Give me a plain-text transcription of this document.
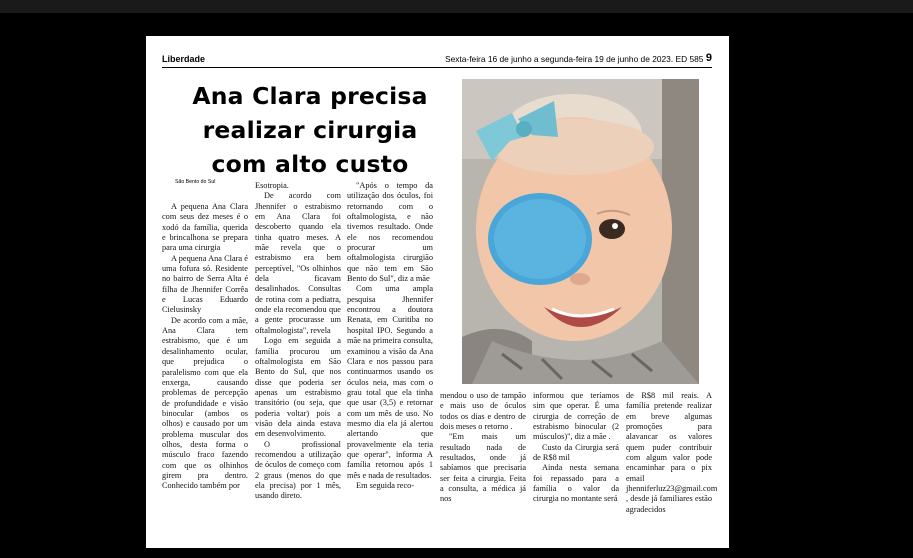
Liberdade	Sexta-feira 16 de junho a segunda-feira 19 de junho de 2023. ED 585 9
Ana Clara precisa
realizar cirurgia
com alto custo
São Bento do Sul

A pequena Ana Clara com seus dez meses é o xodó da família, querida e brincalhona se prepara para uma cirurgia

A pequena Ana Clara é uma fofura só. Residente no bairro de Serra Alta é filha de Jhennifer Corrêa e Lucas Eduardo Cielusinsky

De acordo com a mãe, Ana Clara tem estrabismo, que é um desalinhamento ocular, que prejudica o paralelismo com que ela enxerga, causando problemas de percepção de profundidade e visão binocular (ambos os olhos) e causado por um problema muscular dos olhos, desta forma o músculo fraco fazendo com que os olhinhos girem pra dentro. Conhecido também por

Esotropia.

De acordo com Jhennifer o estrabismo em Ana Clara foi descoberto quando ela tinha quatro meses. A mãe revela que o estrabismo era bem perceptível, "Os olhinhos dela ficavam desalinhados. Consultas de rotina com a pediatra, onde ela recomendou que a gente procurasse um oftalmologista", revela

Logo em seguida a família procurou um oftalmologista em São Bento do Sul, que nos disse que poderia ser apenas um estrabismo transitório (ou seja, que poderia voltar) pois a visão dela ainda estava em desenvolvimento.

O profissional recomendou a utilização de óculos de começo com 2 graus (menos do que ela precisa) por 1 mês, usando direto.

"Após o tempo da utilização dos óculos, foi retornando com o oftalmologista, e não tivemos resultado. Onde ele nos recomendou procurar um oftalmologista cirurgião que não tem em São Bento do Sul", diz a mãe

Com uma ampla pesquisa Jhennifer encontrou a doutora Renata, em Curitiba no hospital IPO. Segundo a mãe na primeira consulta, examinou a visão da Ana Clara e nos passou para continuarmos usando os óculos neia, mas com o grau total que ela tinha que usar (3,5) e retornar com um mês de uso. No mesmo dia ela já alertou alertando que provavelmente ela teria que operar", informa A família retornou após 1 mês e nada de resultados.

Em seguida reco-

mendou o uso de tampão e mais uso de óculos todos os dias e dentro de dois meses o retorno .

"Em mais um resultado nada de resultados, onde já sabíamos que precisaria ser feita a cirurgia. Feita a consulta, a médica já nos

informou que teríamos sim que operar. É uma cirurgia de correção de estrabismo binocular (2 músculos)", diz a mãe .

Custo da Cirurgia será de R$8 mil

Ainda nesta semana foi repassado para a família o valor da cirurgia no montante será

de R$8 mil reais. A família pretende realizar em breve algumas promoções para alavancar os valores quem puder contribuir com algum valor pode encaminhar para o pix email jhenniferluz23@gmail.com , desde já familiares estão agradecidos
